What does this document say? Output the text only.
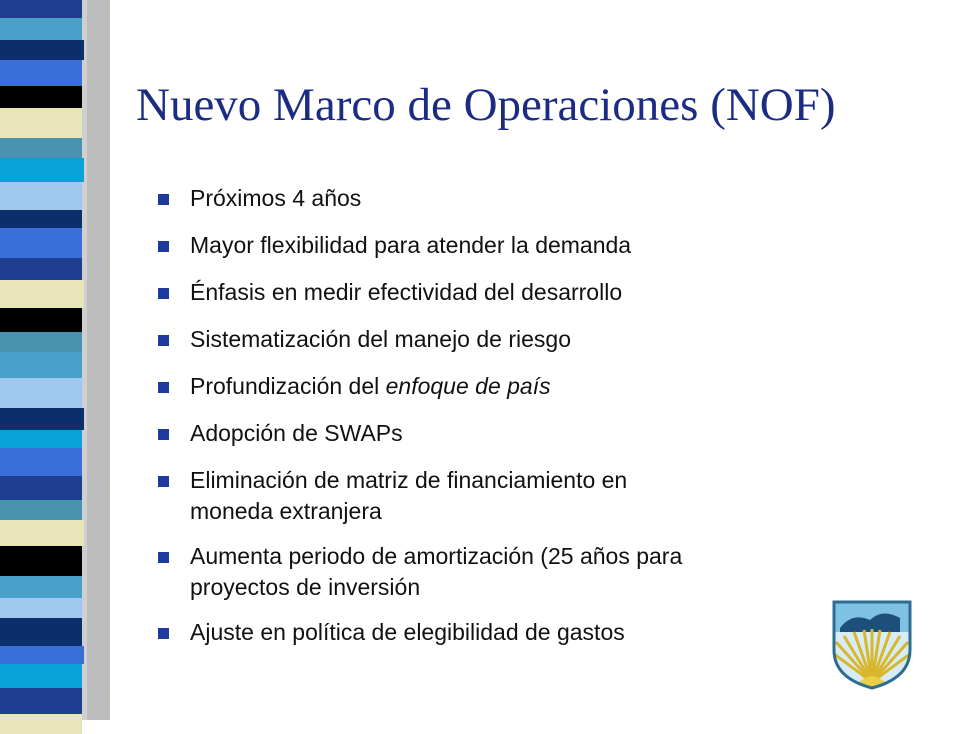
Nuevo Marco de Operaciones (NOF)
Próximos 4 años
Mayor flexibilidad para atender la demanda
Énfasis en medir efectividad del desarrollo
Sistematización del manejo de riesgo
Profundización del enfoque de país
Adopción de SWAPs
Eliminación de matriz de financiamiento en
moneda extranjera
Aumenta periodo de amortización (25 años para
proyectos de inversión
Ajuste en política de elegibilidad de gastos
